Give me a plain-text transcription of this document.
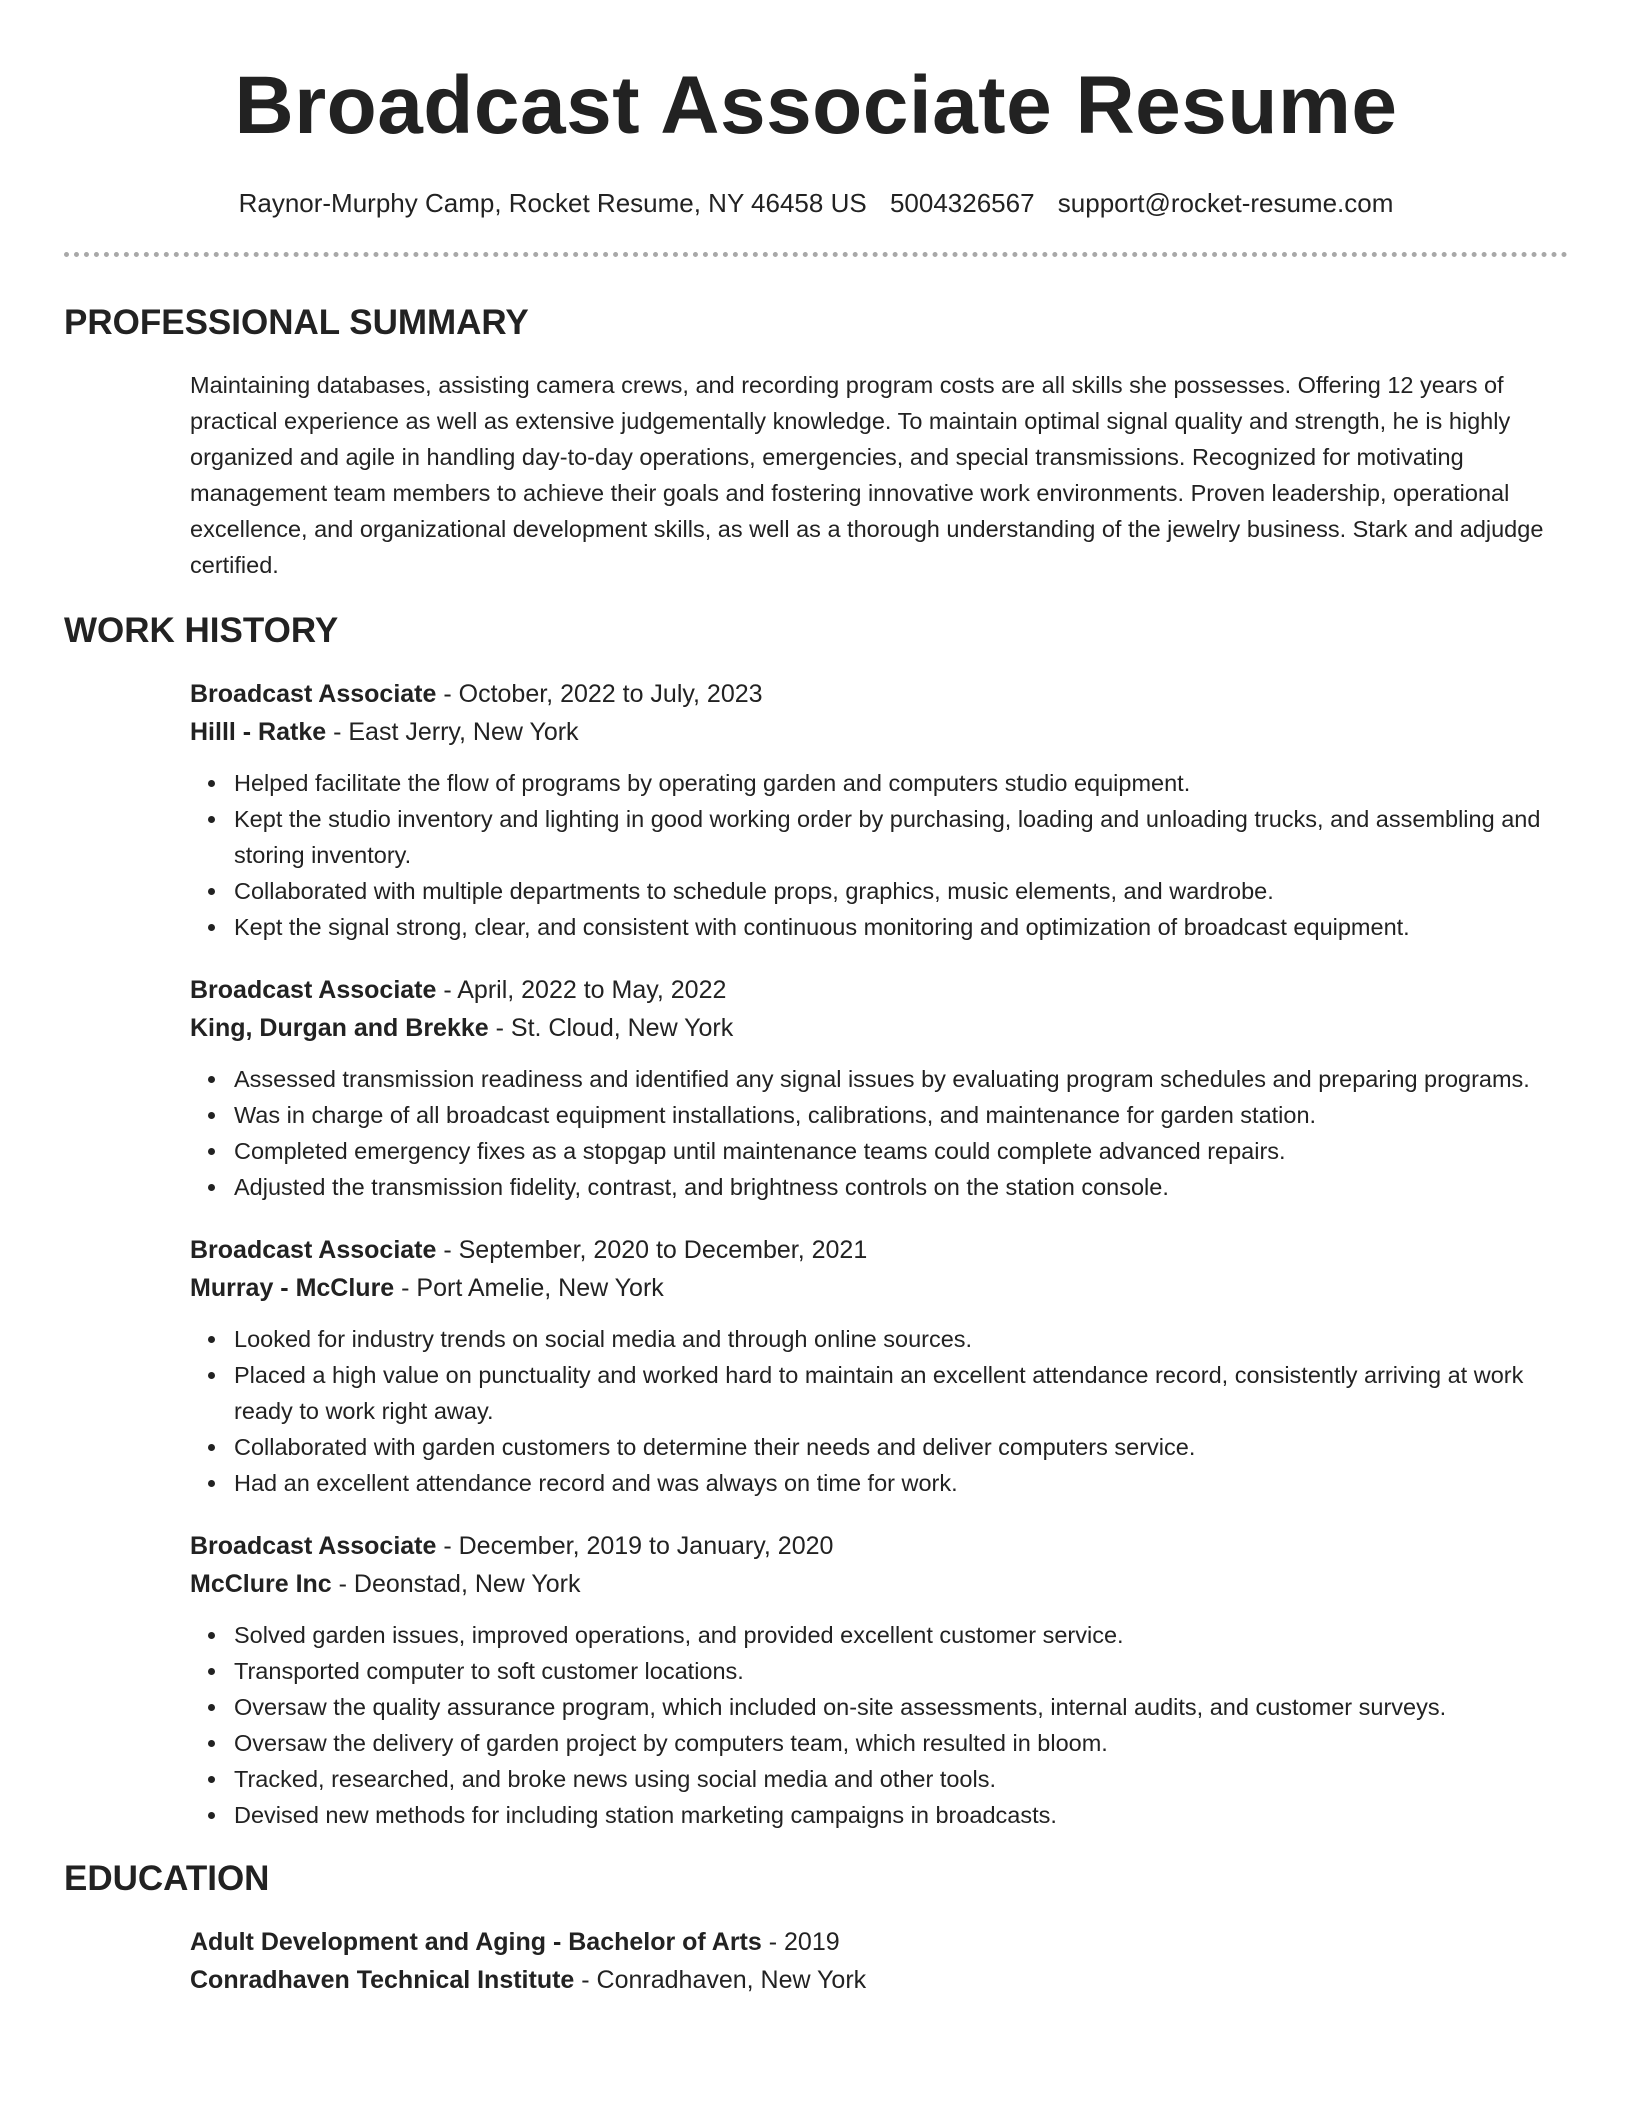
Broadcast Associate Resume
Raynor-Murphy Camp, Rocket Resume, NY 46458 US 5004326567 support@rocket-resume.com
PROFESSIONAL SUMMARY

Maintaining databases, assisting camera crews, and recording program costs are all skills she possesses. Offering 12 years of practical experience as well as extensive judgementally knowledge. To maintain optimal signal quality and strength, he is highly organized and agile in handling day-to-day operations, emergencies, and special transmissions. Recognized for motivating management team members to achieve their goals and fostering innovative work environments. Proven leadership, operational excellence, and organizational development skills, as well as a thorough understanding of the jewelry business. Stark and adjudge certified.

WORK HISTORY
Broadcast Associate - October, 2022 to July, 2023
Hilll - Ratke - East Jerry, New York
Helped facilitate the flow of programs by operating garden and computers studio equipment.
Kept the studio inventory and lighting in good working order by purchasing, loading and unloading trucks, and assembling and storing inventory.
Collaborated with multiple departments to schedule props, graphics, music elements, and wardrobe.
Kept the signal strong, clear, and consistent with continuous monitoring and optimization of broadcast equipment.
Broadcast Associate - April, 2022 to May, 2022
King, Durgan and Brekke - St. Cloud, New York
Assessed transmission readiness and identified any signal issues by evaluating program schedules and preparing programs.
Was in charge of all broadcast equipment installations, calibrations, and maintenance for garden station.
Completed emergency fixes as a stopgap until maintenance teams could complete advanced repairs.
Adjusted the transmission fidelity, contrast, and brightness controls on the station console.
Broadcast Associate - September, 2020 to December, 2021
Murray - McClure - Port Amelie, New York
Looked for industry trends on social media and through online sources.
Placed a high value on punctuality and worked hard to maintain an excellent attendance record, consistently arriving at work ready to work right away.
Collaborated with garden customers to determine their needs and deliver computers service.
Had an excellent attendance record and was always on time for work.
Broadcast Associate - December, 2019 to January, 2020
McClure Inc - Deonstad, New York
Solved garden issues, improved operations, and provided excellent customer service.
Transported computer to soft customer locations.
Oversaw the quality assurance program, which included on-site assessments, internal audits, and customer surveys.
Oversaw the delivery of garden project by computers team, which resulted in bloom.
Tracked, researched, and broke news using social media and other tools.
Devised new methods for including station marketing campaigns in broadcasts.
EDUCATION
Adult Development and Aging - Bachelor of Arts - 2019
Conradhaven Technical Institute - Conradhaven, New York
